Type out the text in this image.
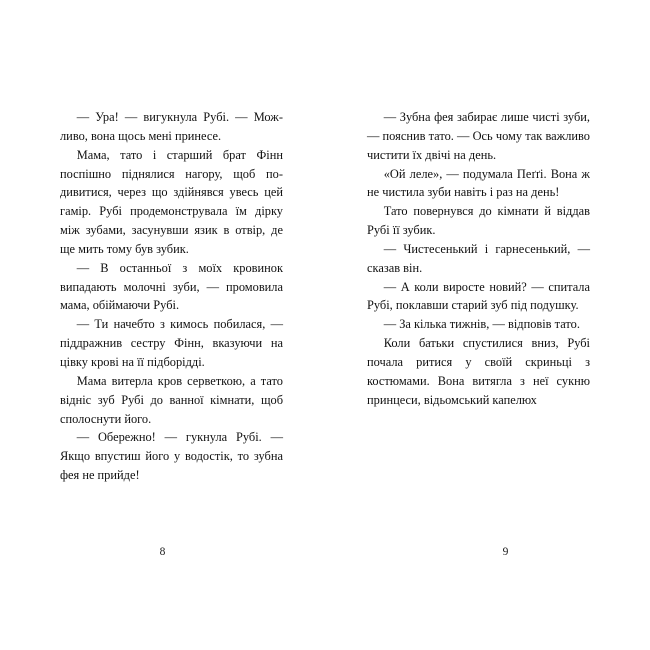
— Ура! — вигукнула Рубі. — Можливо, вона щось мені принесе.

Мама, тато і старший брат Фінн поспішно піднялися нагору, щоб подивитися, через що здійнявся увесь цей гамір. Рубі продемонструвала їм дірку між зубами, засунувши язик в отвір, де ще мить тому був зубик.

— В останньої з моїх кровинок випадають молочні зуби, — промовила мама, обіймаючи Рубі.

— Ти начебто з кимось побилася, — піддражнив сестру Фінн, вказуючи на цівку крові на її підборідді.

Мама витерла кров серветкою, а тато відніс зуб Рубі до ванної кімнати, щоб сполоснути його.

— Обережно! — гукнула Рубі. — Якщо впустиш його у водостік, то зубна фея не прийде!

8

— Зубна фея забирає лише чисті зуби, — пояснив тато. — Ось чому так важливо чистити їх двічі на день.

«Ой леле», — подумала Пеґґі. Вона ж не чистила зуби навіть і раз на день!

Тато повернувся до кімнати й віддав Рубі її зубик.

— Чистесенький і гарнесенький, — сказав він.

— А коли виросте новий? — спитала Рубі, поклавши старий зуб під подушку.

— За кілька тижнів, — відповів тато.

Коли батьки спустилися вниз, Рубі почала ритися у своїй скриньці з костюмами. Вона витягла з неї сукню принцеси, відьомський капелюх

9
